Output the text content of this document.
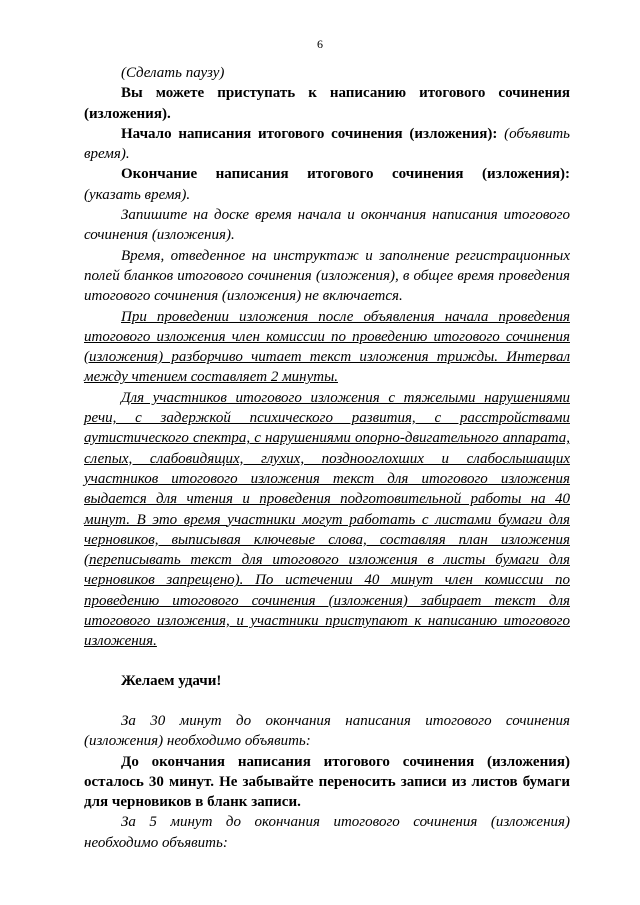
6

(Сделать паузу)

Вы можете приступать к написанию итогового сочинения (изложения).

Начало написания итогового сочинения (изложения): (объявить время).

Окончание написания итогового сочинения (изложения): (указать время).

Запишите на доске время начала и окончания написания итогового сочинения (изложения).

Время, отведенное на инструктаж и заполнение регистрационных полей бланков итогового сочинения (изложения), в общее время проведения итогового сочинения (изложения) не включается.

При проведении изложения после объявления начала проведения итогового изложения член комиссии по проведению итогового сочинения (изложения) разборчиво читает текст изложения трижды. Интервал между чтением составляет 2 минуты.

Для участников итогового изложения с тяжелыми нарушениями речи, с задержкой психического развития, с расстройствами аутистического спектра, с нарушениями опорно-двигательного аппарата, слепых, слабовидящих, глухих, позднооглохших и слабослышащих участников итогового изложения текст для итогового изложения выдается для чтения и проведения подготовительной работы на 40 минут. В это время участники могут работать с листами бумаги для черновиков, выписывая ключевые слова, составляя план изложения (переписывать текст для итогового изложения в листы бумаги для черновиков запрещено). По истечении 40 минут член комиссии по проведению итогового сочинения (изложения) забирает текст для итогового изложения, и участники приступают к написанию итогового изложения.

Желаем удачи!

За 30 минут до окончания написания итогового сочинения (изложения) необходимо объявить:

До окончания написания итогового сочинения (изложения) осталось 30 минут. Не забывайте переносить записи из листов бумаги для черновиков в бланк записи.

За 5 минут до окончания итогового сочинения (изложения) необходимо объявить:
